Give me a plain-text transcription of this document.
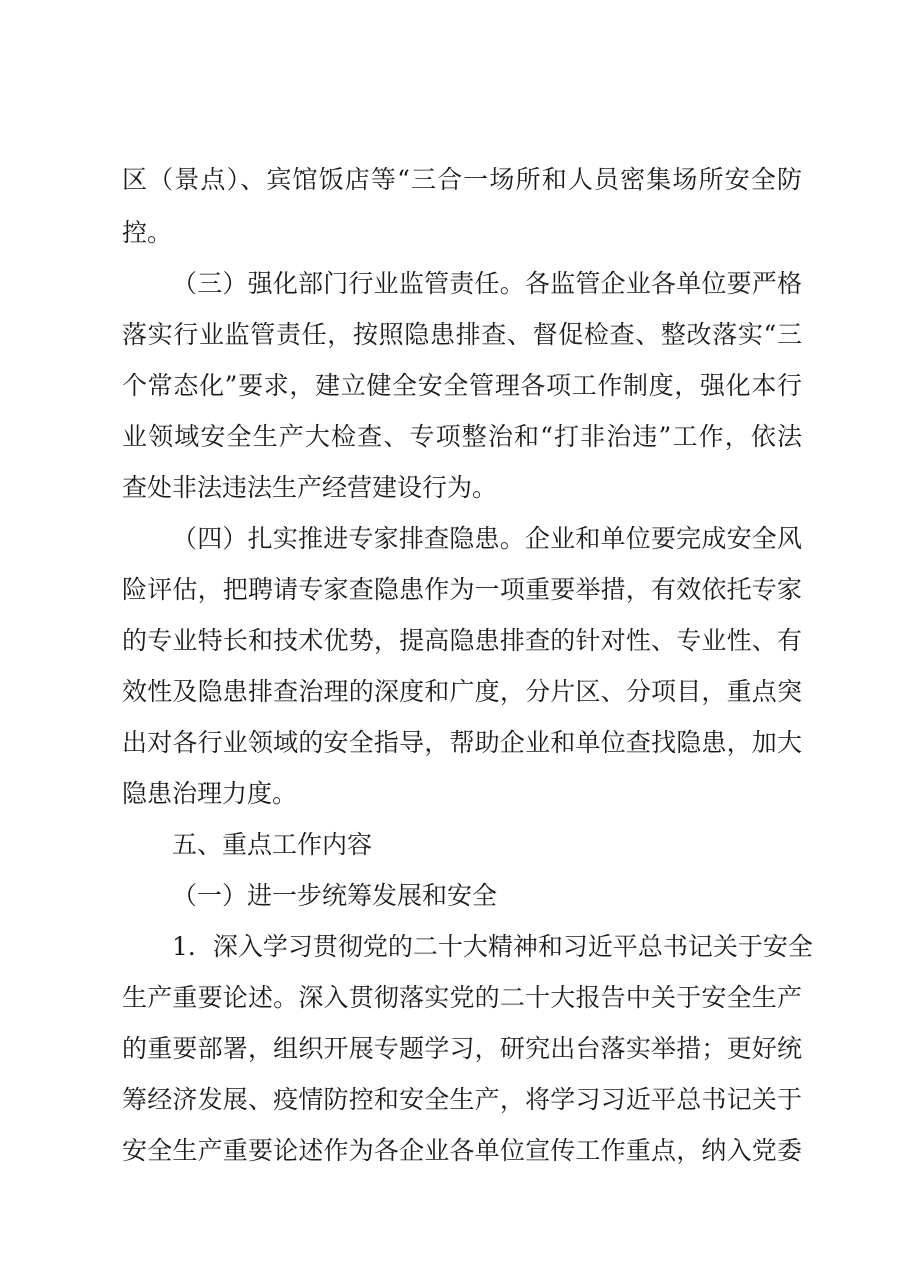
区（景点）、宾馆饭店等“三合一场所和人员密集场所安全防
控。
（三）强化部门行业监管责任。各监管企业各单位要严格
落实行业监管责任，按照隐患排查、督促检查、整改落实“三
个常态化”要求，建立健全安全管理各项工作制度，强化本行
业领域安全生产大检查、专项整治和“打非治违”工作，依法
查处非法违法生产经营建设行为。
（四）扎实推进专家排查隐患。企业和单位要完成安全风
险评估，把聘请专家查隐患作为一项重要举措，有效依托专家
的专业特长和技术优势，提高隐患排查的针对性、专业性、有
效性及隐患排查治理的深度和广度，分片区、分项目，重点突
出对各行业领域的安全指导，帮助企业和单位查找隐患，加大
隐患治理力度。
五、重点工作内容
（一）进一步统筹发展和安全
1．深入学习贯彻党的二十大精神和习近平总书记关于安全
生产重要论述。深入贯彻落实党的二十大报告中关于安全生产
的重要部署，组织开展专题学习，研究出台落实举措；更好统
筹经济发展、疫情防控和安全生产，将学习习近平总书记关于
安全生产重要论述作为各企业各单位宣传工作重点，纳入党委
